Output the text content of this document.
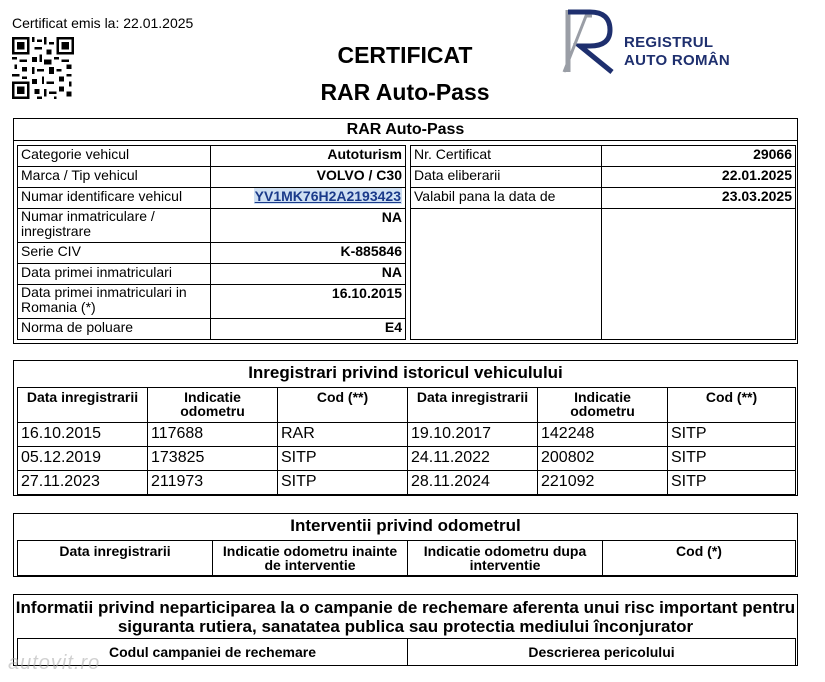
Certificat emis la: 22.01.2025
CERTIFICAT
RAR Auto-Pass
REGISTRUL
AUTO ROMÂN
RAR Auto-Pass
Categorie vehicul	Autoturism
Marca / Tip vehicul	VOLVO / C30
Numar identificare vehicul	YV1MK76H2A2193423
Numar inmatriculare / inregistrare	NA
Serie CIV	K-885846
Data primei inmatriculari	NA
Data primei inmatriculari in Romania (*)	16.10.2015
Norma de poluare	E4
Nr. Certificat	29066
Data eliberarii	22.01.2025
Valabil pana la data de	23.03.2025

Inregistrari privind istoricul vehiculului
Data inregistrarii	Indicatie odometru	Cod (**)	Data inregistrarii	Indicatie odometru	Cod (**)
16.10.2015	117688	RAR	19.10.2017	142248	SITP
05.12.2019	173825	SITP	24.11.2022	200802	SITP
27.11.2023	211973	SITP	28.11.2024	221092	SITP
Interventii privind odometrul
Data inregistrarii	Indicatie odometru inainte de interventie	Indicatie odometru dupa interventie	Cod (*)
Informatii privind neparticiparea la o campanie de rechemare aferenta unui risc important pentru siguranta rutiera, sanatatea publica sau protectia mediului înconjurator
Codul campaniei de rechemare	Descrierea pericolului
autovit.ro
